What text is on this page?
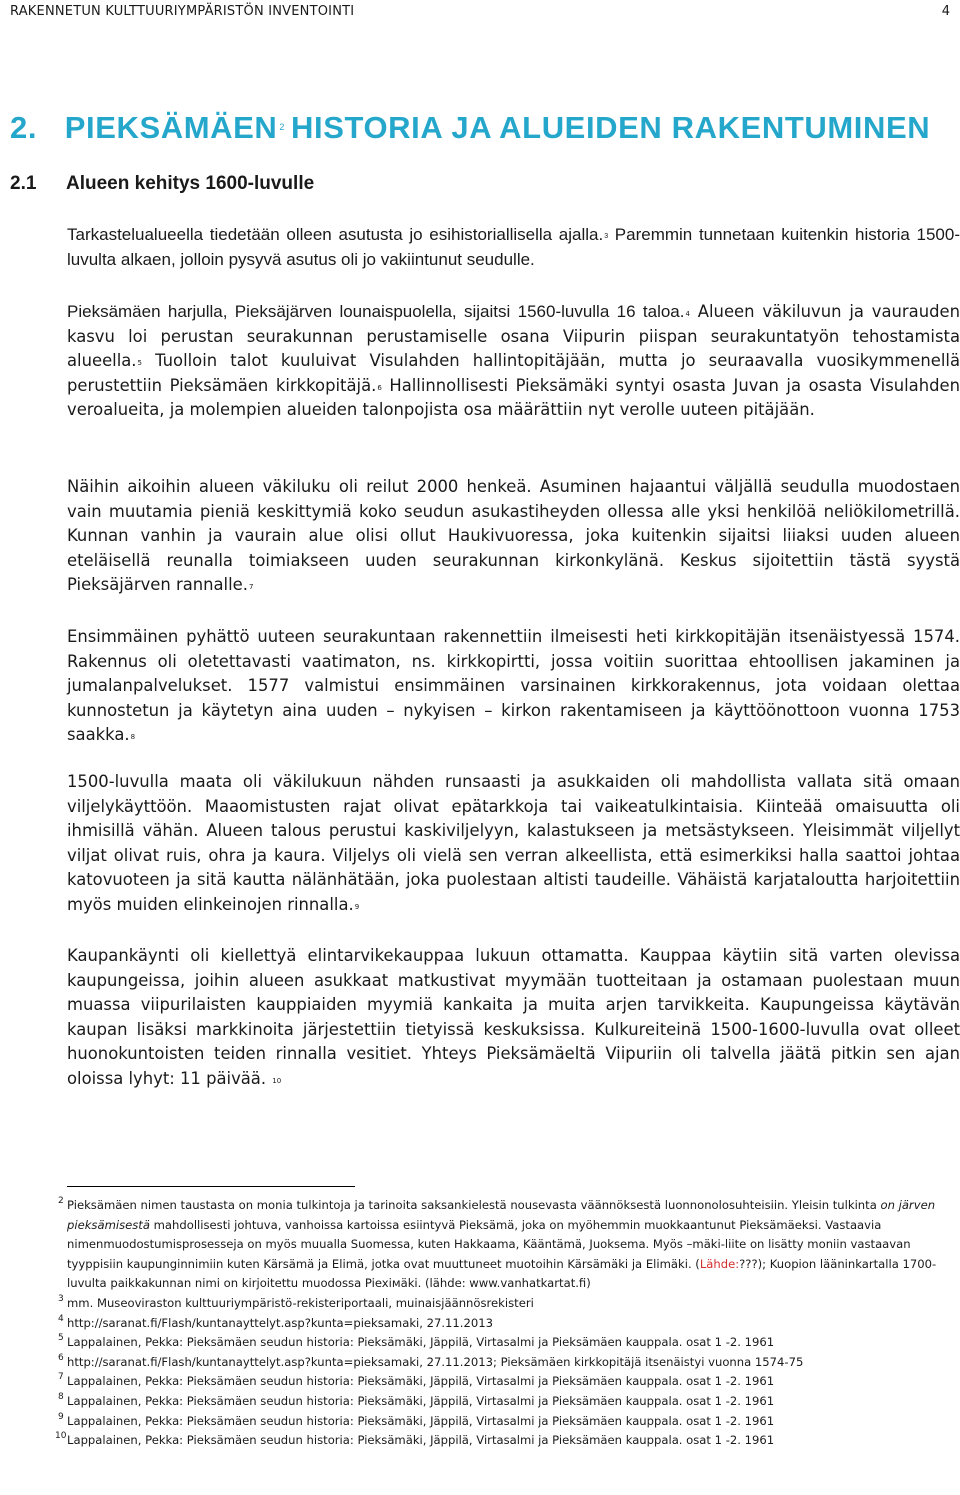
RAKENNETUN KULTTUURIYMPÄRISTÖN INVENTOINTI	4
2. PIEKSÄMÄEN $^2$ HISTORIA JA ALUEIDEN RAKENTUMINEN
2.1 Alueen kehitys 1600-luvulle

Tarkastelualueella tiedetään olleen asutusta jo esihistoriallisella ajalla.$^3$ Paremmin tunnetaan kuitenkin historia 1500-luvulta alkaen, jolloin pysyvä asutus oli jo vakiintunut seudulle.

Pieksämäen harjulla, Pieksäjärven lounaispuolella, sijaitsi 1560-luvulla 16 taloa.$^4$ Alueen väkiluvun ja vaurauden kasvu loi perustan seurakunnan perustamiselle osana Viipurin piispan seurakuntatyön tehostamista alueella.$^5$ Tuolloin talot kuuluivat Visulahden hallintopitäjään, mutta jo seuraavalla vuosikymmenellä perustettiin Pieksämäen kirkkopitäjä.$^6$ Hallinnollisesti Pieksämäki syntyi osasta Juvan ja osasta Visulahden veroalueita, ja molempien alueiden talonpojista osa määrättiin nyt verolle uuteen pitäjään.

Näihin aikoihin alueen väkiluku oli reilut 2000 henkeä. Asuminen hajaantui väljällä seudulla muodostaen vain muutamia pieniä keskittymiä koko seudun asukastiheyden ollessa alle yksi henkilöä neliökilometrillä. Kunnan vanhin ja vaurain alue olisi ollut Haukivuoressa, joka kuitenkin sijaitsi liiaksi uuden alueen eteläisellä reunalla toimiakseen uuden seurakunnan kirkonkylänä. Keskus sijoitettiin tästä syystä Pieksäjärven rannalle.$^7$

Ensimmäinen pyhättö uuteen seurakuntaan rakennettiin ilmeisesti heti kirkkopitäjän itsenäistyessä 1574. Rakennus oli oletettavasti vaatimaton, ns. kirkkopirtti, jossa voitiin suorittaa ehtoollisen jakaminen ja jumalanpalvelukset. 1577 valmistui ensimmäinen varsinainen kirkkorakennus, jota voidaan olettaa kunnostetun ja käytetyn aina uuden – nykyisen – kirkon rakentamiseen ja käyttöönottoon vuonna 1753 saakka.$^8$

1500-luvulla maata oli väkilukuun nähden runsaasti ja asukkaiden oli mahdollista vallata sitä omaan viljelykäyttöön. Maaomistusten rajat olivat epätarkkoja tai vaikeatulkintaisia. Kiinteää omaisuutta oli ihmisillä vähän. Alueen talous perustui kaskiviljelyyn, kalastukseen ja metsästykseen. Yleisimmät viljellyt viljat olivat ruis, ohra ja kaura. Viljelys oli vielä sen verran alkeellista, että esimerkiksi halla saattoi johtaa katovuoteen ja sitä kautta nälänhätään, joka puolestaan altisti taudeille. Vähäistä karjataloutta harjoitettiin myös muiden elinkeinojen rinnalla.$^9$

Kaupankäynti oli kiellettyä elintarvikekauppaa lukuun ottamatta. Kauppaa käytiin sitä varten olevissa kaupungeissa, joihin alueen asukkaat matkustivat myymään tuotteitaan ja ostamaan puolestaan muun muassa viipurilaisten kauppiaiden myymiä kankaita ja muita arjen tarvikkeita. Kaupungeissa käytävän kaupan lisäksi markkinoita järjestettiin tietyissä keskuksissa. Kulkureiteinä 1500-1600-luvulla ovat olleet huonokuntoisten teiden rinnalla vesitiet. Yhteys Pieksämäeltä Viipuriin oli talvella jäätä pitkin sen ajan oloissa lyhyt: 11 päivää. $^{10}$

2 Pieksämäen nimen taustasta on monia tulkintoja ja tarinoita saksankielestä nousevasta väännöksestä luonnonolosuhteisiin. Yleisin tulkinta on järven pieksämisestä mahdollisesti johtuva, vanhoissa kartoissa esiintyvä Pieksämä, joka on myöhemmin muokkaantunut Pieksämäeksi. Vastaavia nimenmuodostumisprosesseja on myös muualla Suomessa, kuten Hakkaama, Kääntämä, Juoksema. Myös –mäki-liite on lisätty moniin vastaavan tyyppisiin kaupunginnimiin kuten Kärsämä ja Elimä, jotka ovat muuttuneet muotoihin Kärsämäki ja Elimäki. (Lähde:???); Kuopion lääninkartalla 1700-luvulta paikkakunnan nimi on kirjoitettu muodossa Piexiмäki. (lähde: www.vanhatkartat.fi)

3 mm. Museoviraston kulttuuriympäristö-rekisteriportaali, muinaisjäännösrekisteri

4 http://saranat.fi/Flash/kuntanayttelyt.asp?kunta=pieksamaki, 27.11.2013

5 Lappalainen, Pekka: Pieksämäen seudun historia: Pieksämäki, Jäppilä, Virtasalmi ja Pieksämäen kauppala. osat 1 -2. 1961

6 http://saranat.fi/Flash/kuntanayttelyt.asp?kunta=pieksamaki, 27.11.2013; Pieksämäen kirkkopitäjä itsenäistyi vuonna 1574-75

7 Lappalainen, Pekka: Pieksämäen seudun historia: Pieksämäki, Jäppilä, Virtasalmi ja Pieksämäen kauppala. osat 1 -2. 1961

8 Lappalainen, Pekka: Pieksämäen seudun historia: Pieksämäki, Jäppilä, Virtasalmi ja Pieksämäen kauppala. osat 1 -2. 1961

9 Lappalainen, Pekka: Pieksämäen seudun historia: Pieksämäki, Jäppilä, Virtasalmi ja Pieksämäen kauppala. osat 1 -2. 1961

10 Lappalainen, Pekka: Pieksämäen seudun historia: Pieksämäki, Jäppilä, Virtasalmi ja Pieksämäen kauppala. osat 1 -2. 1961
